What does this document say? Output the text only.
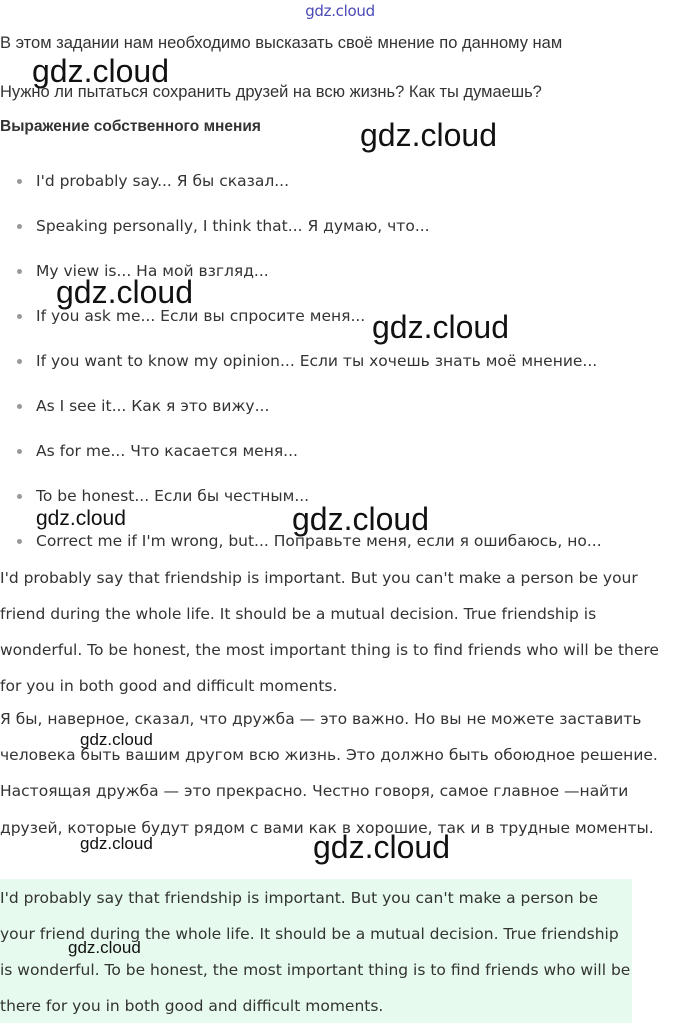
gdz.cloud
В этом задании нам необходимо высказать своё мнение по данному нам
Нужно ли пытаться сохранить друзей на всю жизнь? Как ты думаешь?
Выражение собственного мнения
I'd probably say... Я бы сказал...
Speaking personally, I think that... Я думаю, что...
My view is... На мой взгляд...
If you ask me... Если вы спросите меня...
If you want to know my opinion... Если ты хочешь знать моё мнение...
As I see it... Как я это вижу...
As for me... Что касается меня...
To be honest... Если бы честным...
Correct me if I'm wrong, but... Поправьте меня, если я ошибаюсь, но...
I'd probably say that friendship is important. But you can't make a person be your friend during the whole life. It should be a mutual decision. True friendship is wonderful. To be honest, the most important thing is to find friends who will be there for you in both good and difficult moments.
Я бы, наверное, сказал, что дружба — это важно. Но вы не можете заставить человека быть вашим другом всю жизнь. Это должно быть обоюдное решение. Настоящая дружба — это прекрасно. Честно говоря, самое главное —найти друзей, которые будут рядом с вами как в хорошие, так и в трудные моменты.
I'd probably say that friendship is important. But you can't make a person be your friend during the whole life. It should be a mutual decision. True friendship is wonderful. To be honest, the most important thing is to find friends who will be there for you in both good and difficult moments.
gdz.cloud
gdz.cloud
gdz.cloud
gdz.cloud
gdz.cloud	gdz.cloud
gdz.cloud
gdz.cloud	gdz.cloud
gdz.cloud
